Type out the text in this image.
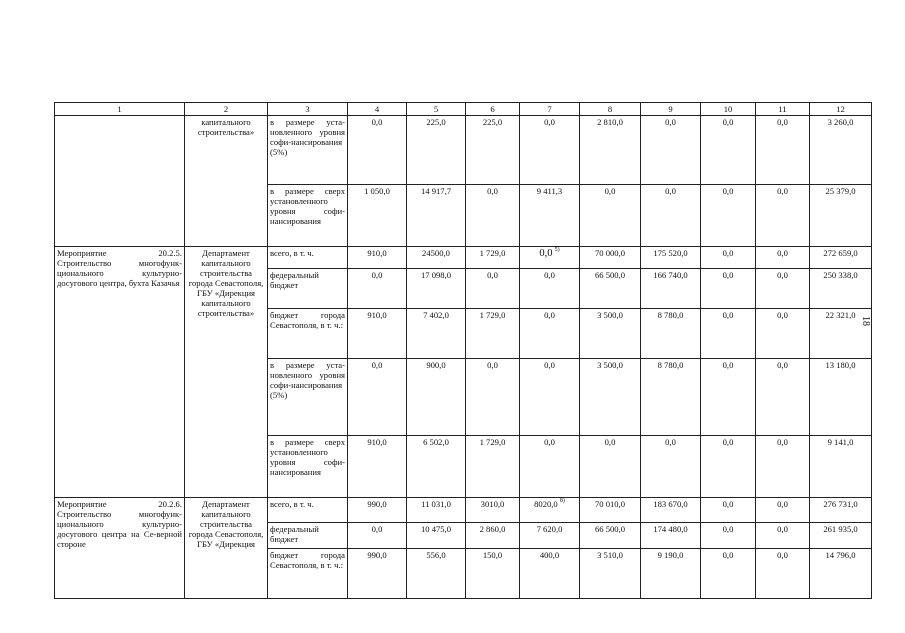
1	2	3	4	5	6	7	8	9	10	11	12
	капитального строительства»	в размере уста-новленного уровня софи-нансирования (5%)	0,0	225,0	225,0	0,0	2 810,0	0,0	0,0	0,0	3 260,0
		в размере сверх установленного уровня софи-нансирования	1 050,0	14 917,7	0,0	9 411,3	0,0	0,0	0,0	0,0	25 379,0
Мероприятие 20.2.5. Строительство многофунк-ционального культурно-досугового центра, бухта Казачья	Департамент капитального строительства города Севастополя, ГБУ «Дирекция капитального строительства»	всего, в т. ч.	910,0	24500,0	1 729,0	0,0 $^{5)}$	70 000,0	175 520,0	0,0	0,0	272 659,0
		федеральный бюджет	0,0	17 098,0	0,0	0,0	66 500,0	166 740,0	0,0	0,0	250 338,0
		бюджет города Севастополя, в т. ч.:	910,0	7 402,0	1 729,0	0,0	3 500,0	8 780,0	0,0	0,0	22 321,0
		в размере уста-новленного уровня софи-нансирования (5%)	0,0	900,0	0,0	0,0	3 500,0	8 780,0	0,0	0,0	13 180,0
		в размере сверх установленного уровня софи-нансирования	910,0	6 502,0	1 729,0	0,0	0,0	0,0	0,0	0,0	9 141,0
Мероприятие 20.2.6. Строительство многофунк-ционального культурно-досугового центра на Се-верной стороне	Департамент капитального строительства города Севастополя, ГБУ «Дирекция	всего, в т. ч.	990,0	11 031,0	3010,0	8020,0 $^{8)}$	70 010,0	183 670,0	0,0	0,0	276 731,0
		федеральный бюджет	0,0	10 475,0	2 860,0	7 620,0	66 500,0	174 480,0	0,0	0,0	261 935,0
		бюджет города Севастополя, в т. ч.:	990,0	556,0	150,0	400,0	3 510,0	9 190,0	0,0	0,0	14 796,0
18
